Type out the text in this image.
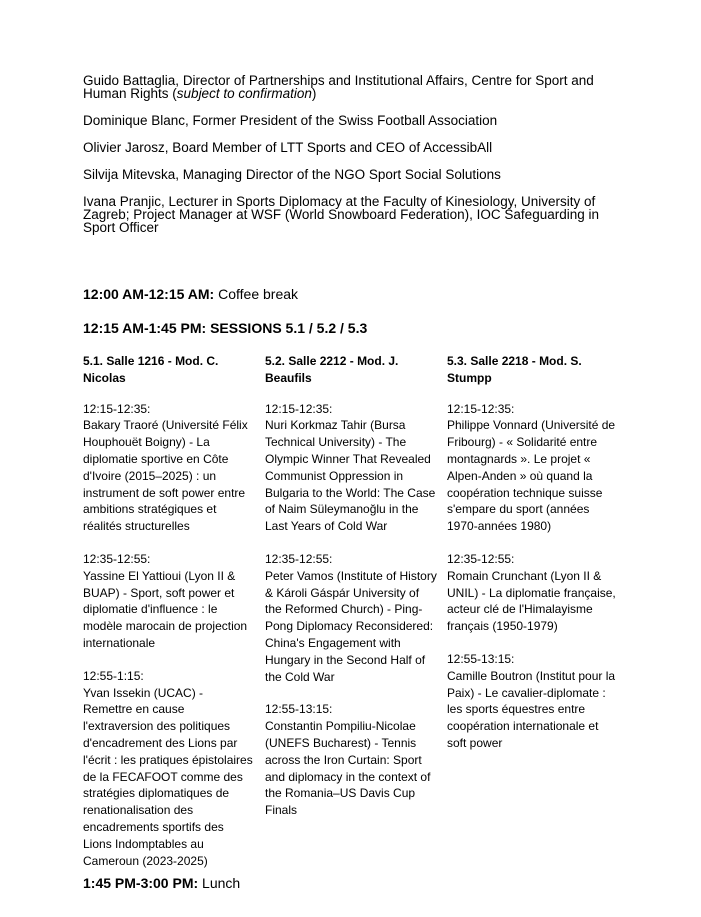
Guido Battaglia, Director of Partnerships and Institutional Affairs, Centre for Sport and Human Rights (subject to confirmation)

Dominique Blanc, Former President of the Swiss Football Association

Olivier Jarosz, Board Member of LTT Sports and CEO of AccessibAll

Silvija Mitevska, Managing Director of the NGO Sport Social Solutions

Ivana Pranjic, Lecturer in Sports Diplomacy at the Faculty of Kinesiology, University of Zagreb; Project Manager at WSF (World Snowboard Federation), IOC Safeguarding in Sport Officer

12:00 AM-12:15 AM: Coffee break
12:15 AM-1:45 PM: SESSIONS 5.1 / 5.2 / 5.3
5.1. Salle 1216 - Mod. C. Nicolas
12:15-12:35:
Bakary Traoré (Université Félix Houphouët Boigny) - La diplomatie sportive en Côte d'Ivoire (2015–2025) : un instrument de soft power entre ambitions stratégiques et réalités structurelles
12:35-12:55:
Yassine El Yattioui (Lyon II & BUAP) - Sport, soft power et diplomatie d'influence : le modèle marocain de projection internationale
12:55-1:15:
Yvan Issekin (UCAC) - Remettre en cause l'extraversion des politiques d'encadrement des Lions par l'écrit : les pratiques épistolaires de la FECAFOOT comme des stratégies diplomatiques de renationalisation des encadrements sportifs des Lions Indomptables au Cameroun (2023-2025)
5.2. Salle 2212 - Mod. J. Beaufils
12:15-12:35:
Nuri Korkmaz Tahir (Bursa Technical University) - The Olympic Winner That Revealed Communist Oppression in Bulgaria to the World: The Case of Naim Süleymanoğlu in the Last Years of Cold War
12:35-12:55:
Peter Vamos (Institute of History & Károli Gáspár University of the Reformed Church) - Ping-Pong Diplomacy Reconsidered: China's Engagement with Hungary in the Second Half of the Cold War
12:55-13:15:
Constantin Pompiliu-Nicolae (UNEFS Bucharest) - Tennis across the Iron Curtain: Sport and diplomacy in the context of the Romania–US Davis Cup Finals
5.3. Salle 2218 - Mod. S. Stumpp
12:15-12:35:
Philippe Vonnard (Université de Fribourg) - « Solidarité entre montagnards ». Le projet « Alpen-Anden » où quand la coopération technique suisse s'empare du sport (années 1970-années 1980)
12:35-12:55:
Romain Crunchant (Lyon II & UNIL) - La diplomatie française, acteur clé de l'Himalayisme français (1950-1979)
12:55-13:15:
Camille Boutron (Institut pour la Paix) - Le cavalier-diplomate : les sports équestres entre coopération internationale et soft power
1:45 PM-3:00 PM: Lunch
